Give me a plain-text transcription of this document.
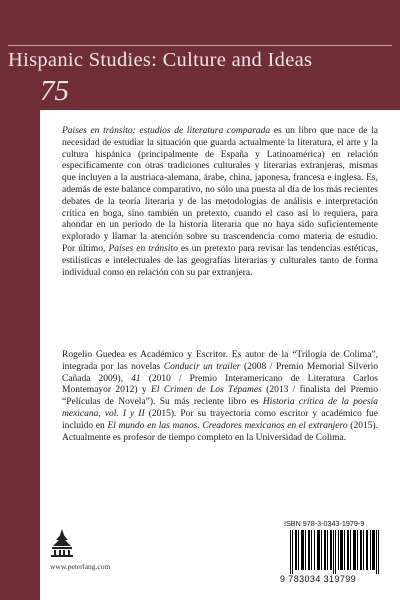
Hispanic Studies: Culture and Ideas
75

Países en tránsito: estudios de literatura comparada es un libro que nace de la necesidad de estudiar la situación que guarda actualmente la literatura, el arte y la cultura hispánica (principalmente de España y Latinoamérica) en relación específicamente con otras tradiciones culturales y literarias extranjeras, mismas que incluyen a la austriaca-alemana, árabe, china, japonesa, francesa e inglesa. Es, además de este balance comparativo, no sólo una puesta al día de los más recientes debates de la teoría literaria y de las metodologías de análisis e interpretación crítica en boga, sino también un pretexto, cuando el caso así lo requiera, para ahondar en un periodo de la historia literaria que no haya sido suficientemente explorado y llamar la atención sobre su trascendencia como materia de estudio. Por último, Países en tránsito es un pretexto para revisar las tendencias estéticas, estilísticas e intelectuales de las geografías literarias y culturales tanto de forma individual como en relación con su par extranjera.

Rogelio Guedea es Académico y Escritor. Es autor de la “Trilogía de Colima”, integrada por las novelas Conducir un trailer (2008 / Premio Memorial Silverio Cañada 2009), 41 (2010 / Premio Interamericano de Literatura Carlos Montemayor 2012) y El Crimen de Los Tépames (2013 / finalista del Premio “Películas de Novela”). Su más reciente libro es Historia crítica de la poesía mexicana, vol. I y II (2015). Por su trayectoria como escritor y académico fue incluido en El mundo en las manos. Creadores mexicanos en el extranjero (2015). Actualmente es profesor de tiempo completo en la Universidad de Colima.

www.peterlang.com
ISBN 978-3-0343-1979-9
9 783034 319799
